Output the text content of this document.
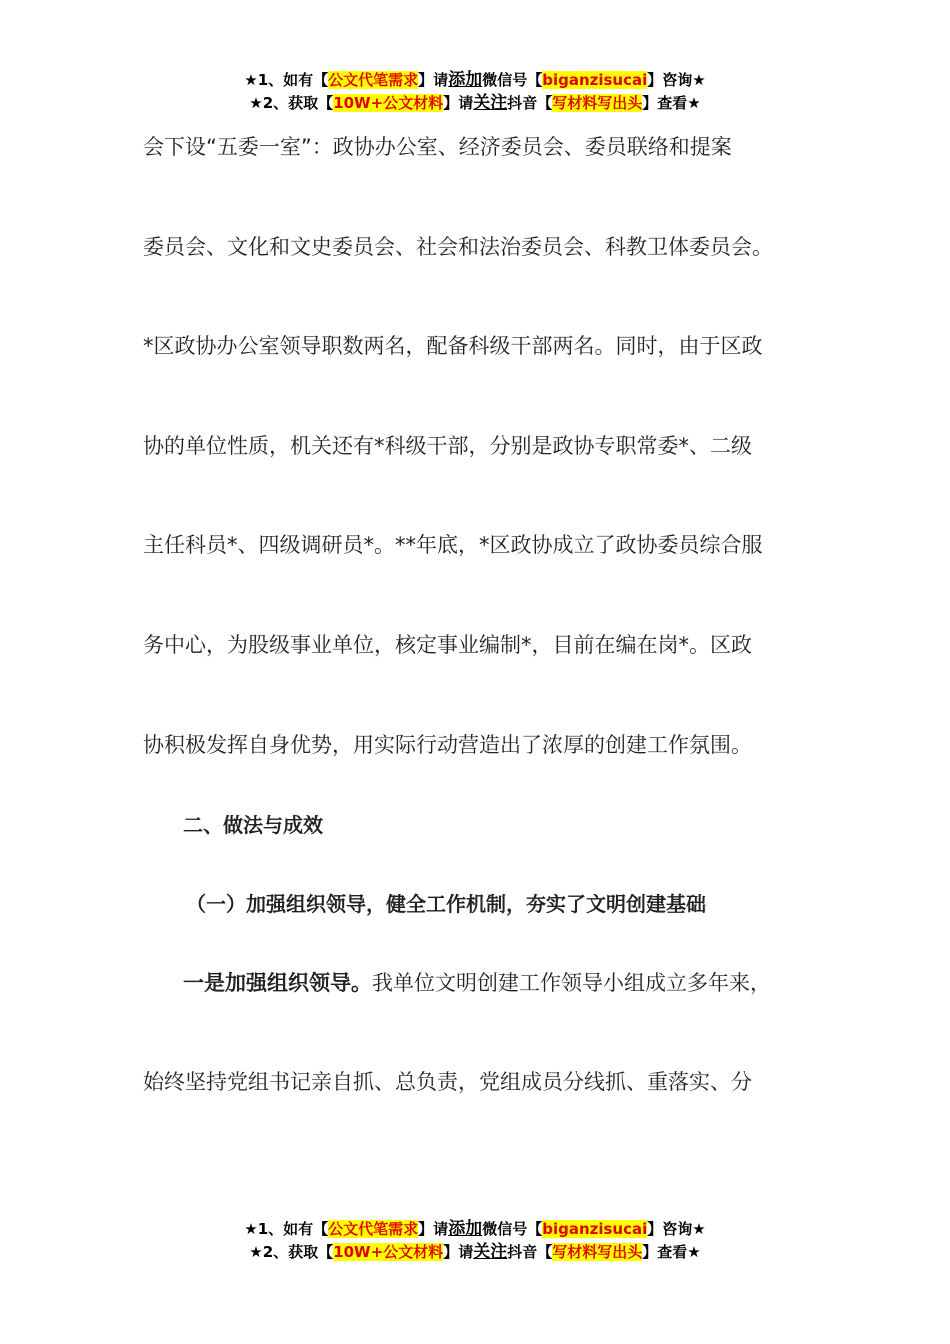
★1、如有【公文代笔需求】请添加微信号【biganzisucai】咨询★
★2、获取【10W+公文材料】请关注抖音【写材料写出头】查看★
会下设“五委一室”：政协办公室、经济委员会、委员联络和提案
委员会、文化和文史委员会、社会和法治委员会、科教卫体委员会。
*区政协办公室领导职数两名，配备科级干部两名。同时，由于区政
协的单位性质，机关还有*科级干部，分别是政协专职常委*、二级
主任科员*、四级调研员*。**年底，*区政协成立了政协委员综合服
务中心，为股级事业单位，核定事业编制*，目前在编在岗*。区政
协积极发挥自身优势，用实际行动营造出了浓厚的创建工作氛围。
二、做法与成效
（一）加强组织领导，健全工作机制，夯实了文明创建基础
一是加强组织领导。我单位文明创建工作领导小组成立多年来，
始终坚持党组书记亲自抓、总负责，党组成员分线抓、重落实、分
★1、如有【公文代笔需求】请添加微信号【biganzisucai】咨询★
★2、获取【10W+公文材料】请关注抖音【写材料写出头】查看★
